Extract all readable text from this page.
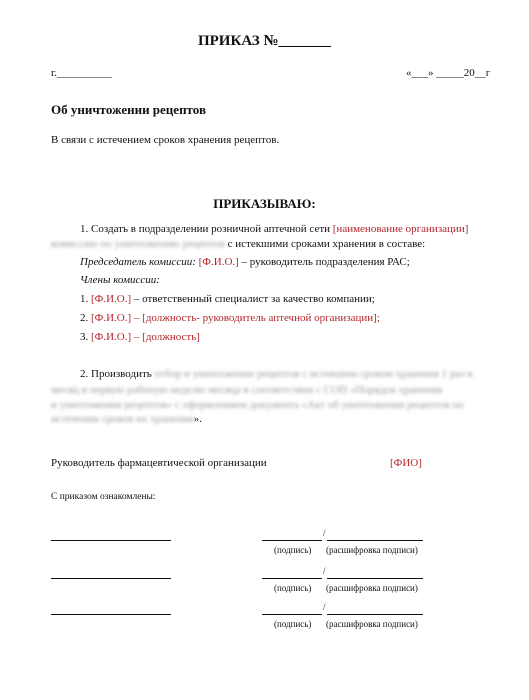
ПРИКАЗ №_______
г.__________	«___» _____20__г
Об уничтожении рецептов
В связи с истечением сроков хранения рецептов.
ПРИКАЗЫВАЮ:
1. Создать в подразделении розничной аптечной сети [наименование организации]
комиссию по уничтожению рецептов с истекшими сроками хранения в составе:
Председатель комиссии: [Ф.И.О.] – руководитель подразделения РАС;
Члены комиссии:
1. [Ф.И.О.] – ответственный специалист за качество компании;
2. [Ф.И.О.] – [должность- руководитель аптечной организации];
3. [Ф.И.О.] – [должность]
2. Производить отбор и уничтожение рецептов с истекшим сроком хранения 1 раз в
месяц в первую рабочую неделю месяца в соответствии с СОП «Порядок хранения
и уничтожения рецептов» с оформлением документа «Акт об уничтожении рецептов по
истечении сроков их хранения».
Руководитель фармацевтической организации	[ФИО]
С приказом ознакомлены:
/
(подпись) (расшифровка подписи)
/
(подпись) (расшифровка подписи)
/
(подпись) (расшифровка подписи)
